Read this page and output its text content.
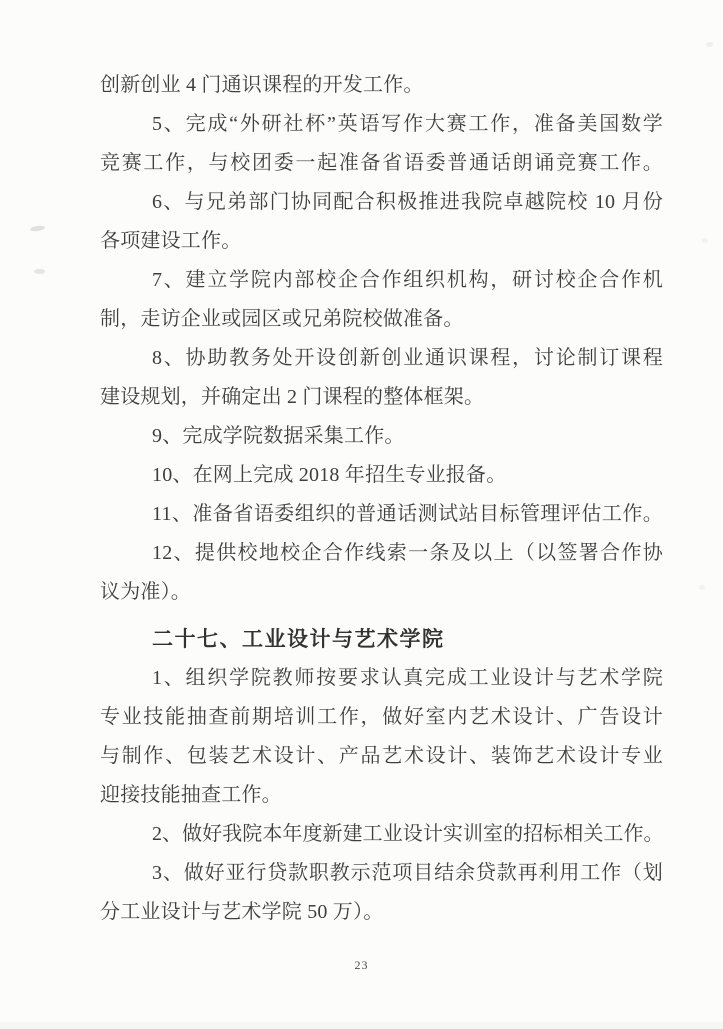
创新创业 4 门通识课程的开发工作。
5、完成“外研社杯”英语写作大赛工作，准备美国数学
竞赛工作，与校团委一起准备省语委普通话朗诵竞赛工作。
6、与兄弟部门协同配合积极推进我院卓越院校 10 月份
各项建设工作。
7、建立学院内部校企合作组织机构，研讨校企合作机
制，走访企业或园区或兄弟院校做准备。
8、协助教务处开设创新创业通识课程，讨论制订课程
建设规划，并确定出 2 门课程的整体框架。
9、完成学院数据采集工作。
10、在网上完成 2018 年招生专业报备。
11、准备省语委组织的普通话测试站目标管理评估工作。
12、提供校地校企合作线索一条及以上（以签署合作协
议为准）。
二十七、工业设计与艺术学院
1、组织学院教师按要求认真完成工业设计与艺术学院
专业技能抽查前期培训工作，做好室内艺术设计、广告设计
与制作、包装艺术设计、产品艺术设计、装饰艺术设计专业
迎接技能抽查工作。
2、做好我院本年度新建工业设计实训室的招标相关工作。
3、做好亚行贷款职教示范项目结余贷款再利用工作（划
分工业设计与艺术学院 50 万）。
23
